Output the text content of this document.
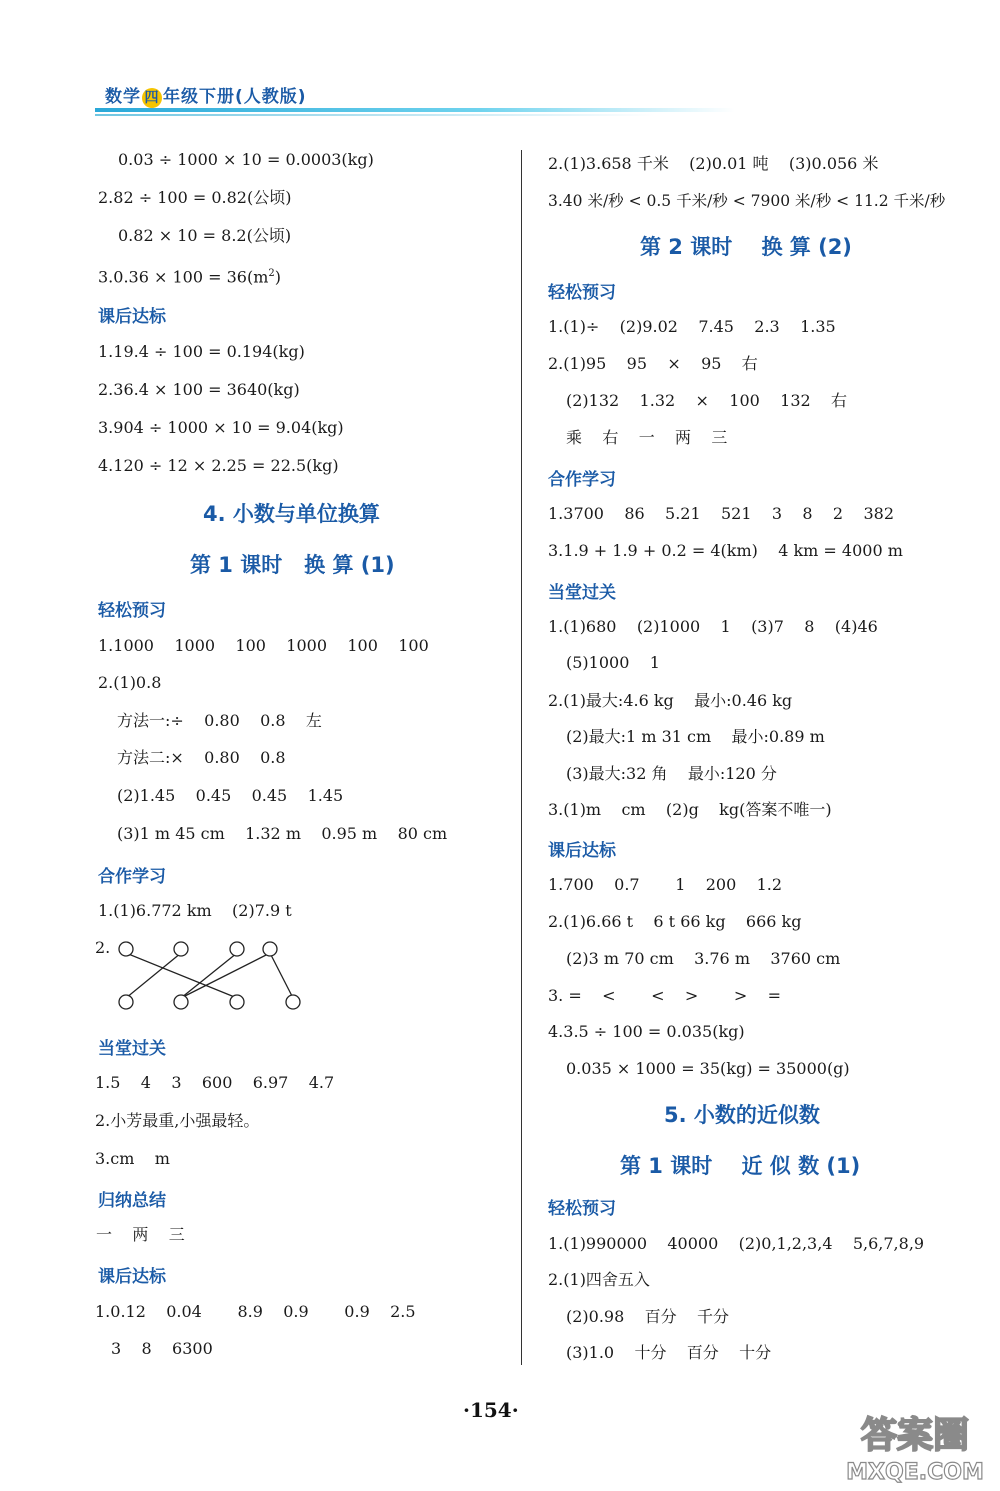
数学 四 年级下册(人教版)
0.03 ÷ 1000 × 10 = 0.0003(kg)
2.82 ÷ 100 = 0.82(公顷)
0.82 × 10 = 8.2(公顷)
$3.0.36 \times 100 = 36(m^2)$
课后达标
1.19.4 ÷ 100 = 0.194(kg)
2.36.4 × 100 = 3640(kg)
3.904 ÷ 1000 × 10 = 9.04(kg)
4.120 ÷ 12 × 2.25 = 22.5(kg)
4. 小数与单位换算
第 1 课时   换 算 (1)
轻松预习
1.1000    1000    100    1000    100    100
2.(1)0.8
方法一:÷    0.80    0.8    左
方法二:×    0.80    0.8
(2)1.45    0.45    0.45    1.45
(3)1 m 45 cm    1.32 m    0.95 m    80 cm
合作学习
1.(1)6.772 km    (2)7.9 t
2.
当堂过关
1.5    4    3    600    6.97    4.7
2.小芳最重,小强最轻。
3.cm    m
归纳总结
一    两    三
课后达标
1.0.12    0.04       8.9    0.9       0.9    2.5
3    8    6300
2.(1)3.658 千米    (2)0.01 吨    (3)0.056 米
3.40 米/秒 < 0.5 千米/秒 < 7900 米/秒 < 11.2 千米/秒
第 2 课时    换 算 (2)
轻松预习
1.(1)÷    (2)9.02    7.45    2.3    1.35
2.(1)95    95    ×    95    右
(2)132    1.32    ×    100    132    右
乘    右    一    两    三
合作学习
1.3700    86    5.21    521    3    8    2    382
3.1.9 + 1.9 + 0.2 = 4(km)    4 km = 4000 m
当堂过关
1.(1)680    (2)1000    1    (3)7    8    (4)46
(5)1000    1
2.(1)最大:4.6 kg    最小:0.46 kg
(2)最大:1 m 31 cm    最小:0.89 m
(3)最大:32 角    最小:120 分
3.(1)m    cm    (2)g    kg(答案不唯一)
课后达标
1.700    0.7       1    200    1.2
2.(1)6.66 t    6 t 66 kg    666 kg
(2)3 m 70 cm    3.76 m    3760 cm
3. =    <       <    >       >    =
4.3.5 ÷ 100 = 0.035(kg)
0.035 × 1000 = 35(kg) = 35000(g)
5. 小数的近似数
第 1 课时    近 似 数 (1)
轻松预习
1.(1)990000    40000    (2)0,1,2,3,4    5,6,7,8,9
2.(1)四舍五入
(2)0.98    百分    千分
(3)1.0    十分    百分    十分
·154·
答案圈
MXQE.COM
